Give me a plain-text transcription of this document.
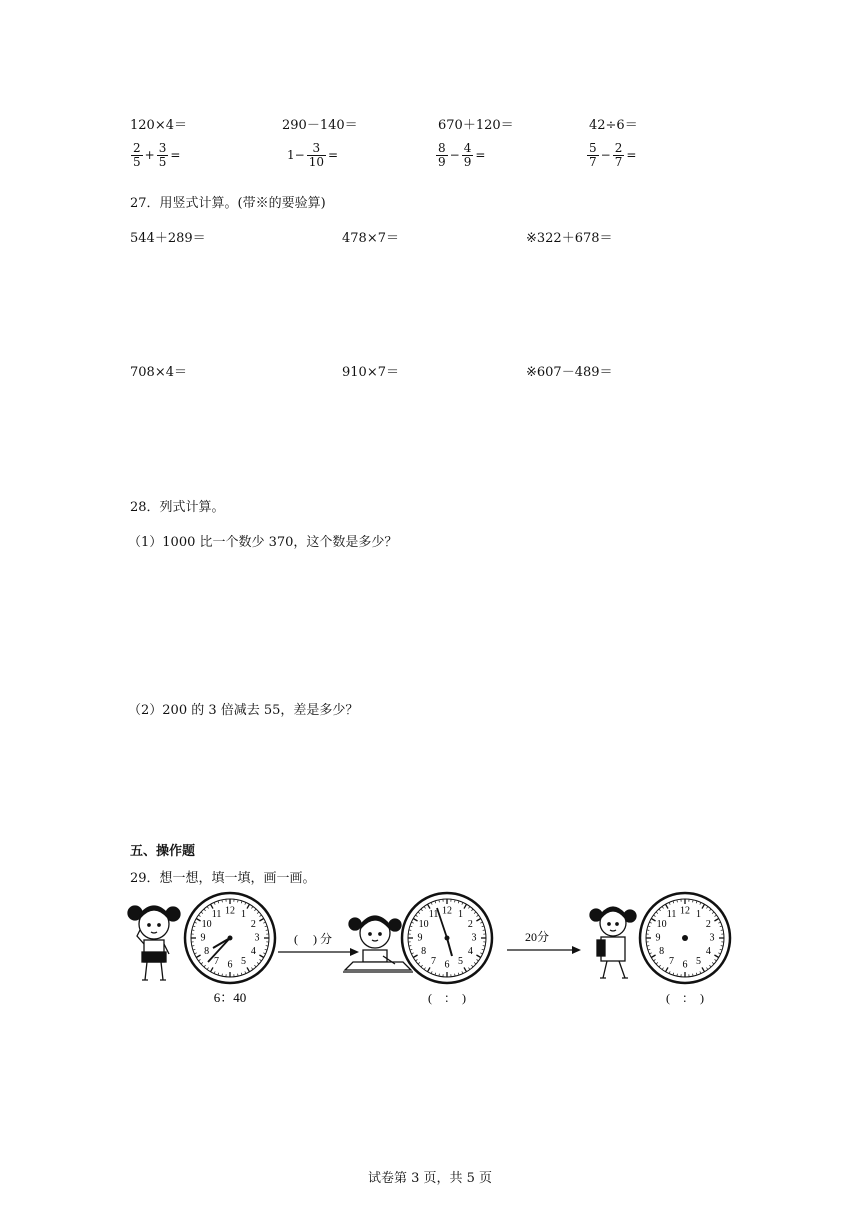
120×4＝	290－140＝	670＋120＝	42÷6＝
$\frac{2}{5} + \frac{3}{5}$ =	$1- \frac{3}{10}$ =	$\frac{8}{9} - \frac{4}{9}$ =	$\frac{5}{7} - \frac{2}{7}$ =
27．用竖式计算。(带※的要验算)
544＋289＝	478×7＝	※322＋678＝
708×4＝	910×7＝	※607－489＝
28．列式计算。
（1）1000 比一个数少 370，这个数是多少？
（2）200 的 3 倍减去 55，差是多少？
五、操作题
29．想一想，填一填，画一画。
12 1
2
3
4
5
6
7
8
9
10
11
6：40
(　 ) 分
12 1
2
3
4
5
6
7
8
9
10
11
(　：　)
20分
12 1
2
3
4
5
6
7
8
9
10
11
(　：　)
试卷第 3 页，共 5 页
